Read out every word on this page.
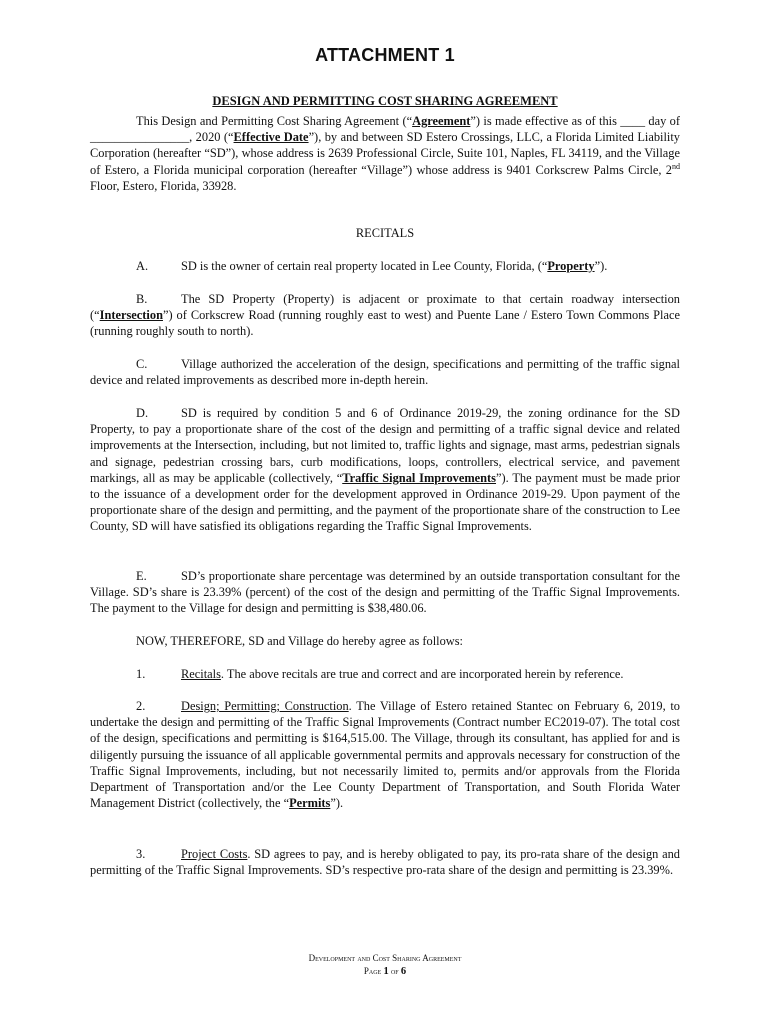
ATTACHMENT 1
DESIGN AND PERMITTING COST SHARING AGREEMENT

This Design and Permitting Cost Sharing Agreement (“Agreement”) is made effective as of this ____ day of ________________, 2020 (“Effective Date”), by and between SD Estero Crossings, LLC, a Florida Limited Liability Corporation (hereafter “SD”), whose address is 2639 Professional Circle, Suite 101, Naples, FL 34119, and the Village of Estero, a Florida municipal corporation (hereafter “Village”) whose address is 9401 Corkscrew Palms Circle, 2nd Floor, Estero, Florida, 33928.

RECITALS

A.	SD is the owner of certain real property located in Lee County, Florida, (“Property”).

B.	The SD Property (Property) is adjacent or proximate to that certain roadway intersection (“Intersection”) of Corkscrew Road (running roughly east to west) and Puente Lane / Estero Town Commons Place (running roughly south to north).

C.	Village authorized the acceleration of the design, specifications and permitting of the traffic signal device and related improvements as described more in-depth herein.

D.	SD is required by condition 5 and 6 of Ordinance 2019-29, the zoning ordinance for the SD Property, to pay a proportionate share of the cost of the design and permitting of a traffic signal device and related improvements at the Intersection, including, but not limited to, traffic lights and signage, mast arms, pedestrian signals and signage, pedestrian crossing bars, curb modifications, loops, controllers, electrical service, and pavement markings, all as may be applicable (collectively, “Traffic Signal Improvements”). The payment must be made prior to the issuance of a development order for the development approved in Ordinance 2019-29. Upon payment of the proportionate share of the design and permitting, and the payment of the proportionate share of the construction to Lee County, SD will have satisfied its obligations regarding the Traffic Signal Improvements.

E.	SD’s proportionate share percentage was determined by an outside transportation consultant for the Village. SD’s share is 23.39% (percent) of the cost of the design and permitting of the Traffic Signal Improvements. The payment to the Village for design and permitting is $38,480.06.

NOW, THEREFORE, SD and Village do hereby agree as follows:

1.	Recitals. The above recitals are true and correct and are incorporated herein by reference.

2.	Design; Permitting; Construction. The Village of Estero retained Stantec on February 6, 2019, to undertake the design and permitting of the Traffic Signal Improvements (Contract number EC2019-07). The total cost of the design, specifications and permitting is $164,515.00. The Village, through its consultant, has applied for and is diligently pursuing the issuance of all applicable governmental permits and approvals necessary for construction of the Traffic Signal Improvements, including, but not necessarily limited to, permits and/or approvals from the Florida Department of Transportation and/or the Lee County Department of Transportation, and South Florida Water Management District (collectively, the “Permits”).

3.	Project Costs. SD agrees to pay, and is hereby obligated to pay, its pro-rata share of the design and permitting of the Traffic Signal Improvements. SD’s respective pro-rata share of the design and permitting is 23.39%.

Development and Cost Sharing Agreement
Page 1 of 6
